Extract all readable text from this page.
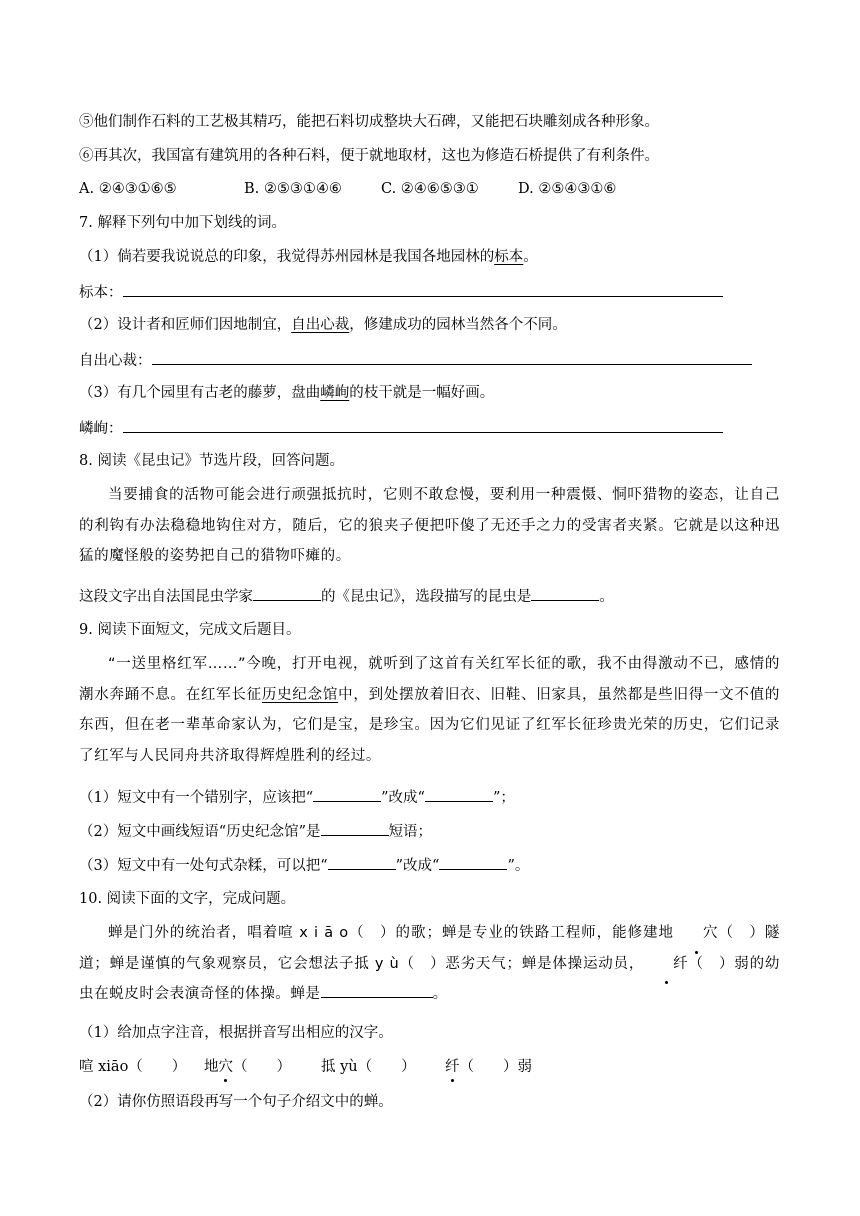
⑤他们制作石料的工艺极其精巧，能把石料切成整块大石碑，又能把石块雕刻成各种形象。
⑥再其次，我国富有建筑用的各种石料，便于就地取材，这也为修造石桥提供了有利条件。
A. ②④③①⑥⑤	B. ②⑤③①④⑥	C. ②④⑥⑤③①	D. ②⑤④③①⑥
7. 解释下列句中加下划线的词。
（1）倘若要我说说总的印象，我觉得苏州园林是我国各地园林的标本。
标本：
（2）设计者和匠师们因地制宜，自出心裁，修建成功的园林当然各个不同。
自出心裁：
（3）有几个园里有古老的藤萝，盘曲嶙峋的枝干就是一幅好画。
嶙峋：
8. 阅读《昆虫记》节选片段，回答问题。
当要捕食的活物可能会进行顽强抵抗时，它则不敢怠慢，要利用一种震慑、恫吓猎物的姿态，让自己的利钩有办法稳稳地钩住对方，随后，它的狼夹子便把吓傻了无还手之力的受害者夹紧。它就是以这种迅猛的魔怪般的姿势把自己的猎物吓瘫的。
这段文字出自法国昆虫学家	的《昆虫记》，选段描写的昆虫是	。
9. 阅读下面短文，完成文后题目。
“一送里格红军……”今晚，打开电视，就听到了这首有关红军长征的歌，我不由得激动不已，感情的潮水奔踊不息。在红军长征历史纪念馆中，到处摆放着旧衣、旧鞋、旧家具，虽然都是些旧得一文不值的东西，但在老一辈革命家认为，它们是宝，是珍宝。因为它们见证了红军长征珍贵光荣的历史，它们记录了红军与人民同舟共济取得辉煌胜利的经过。
（1）短文中有一个错别字，应该把“	”改成“	”；
（2）短文中画线短语“历史纪念馆”是	短语；
（3）短文中有一处句式杂糅，可以把“	”改成“	”。
10. 阅读下面的文字，完成问题。
蝉是门外的统治者，唱着喧 x i ā o（　）的歌；蝉是专业的铁路工程师，能修建地 穴（　）隧道；蝉是谨慎的气象观察员，它会想法子抵 y ù（　）恶劣天气；蝉是体操运动员， 纤（　）弱的幼虫在蜕皮时会表演奇怪的体操。蝉是	。
（1）给加点字注音，根据拼音写出相应的汉字。
喧 xiāo（　　） 地穴（　　） 抵 yù（　　） 纤（　　）弱
（2）请你仿照语段再写一个句子介绍文中的蝉。
